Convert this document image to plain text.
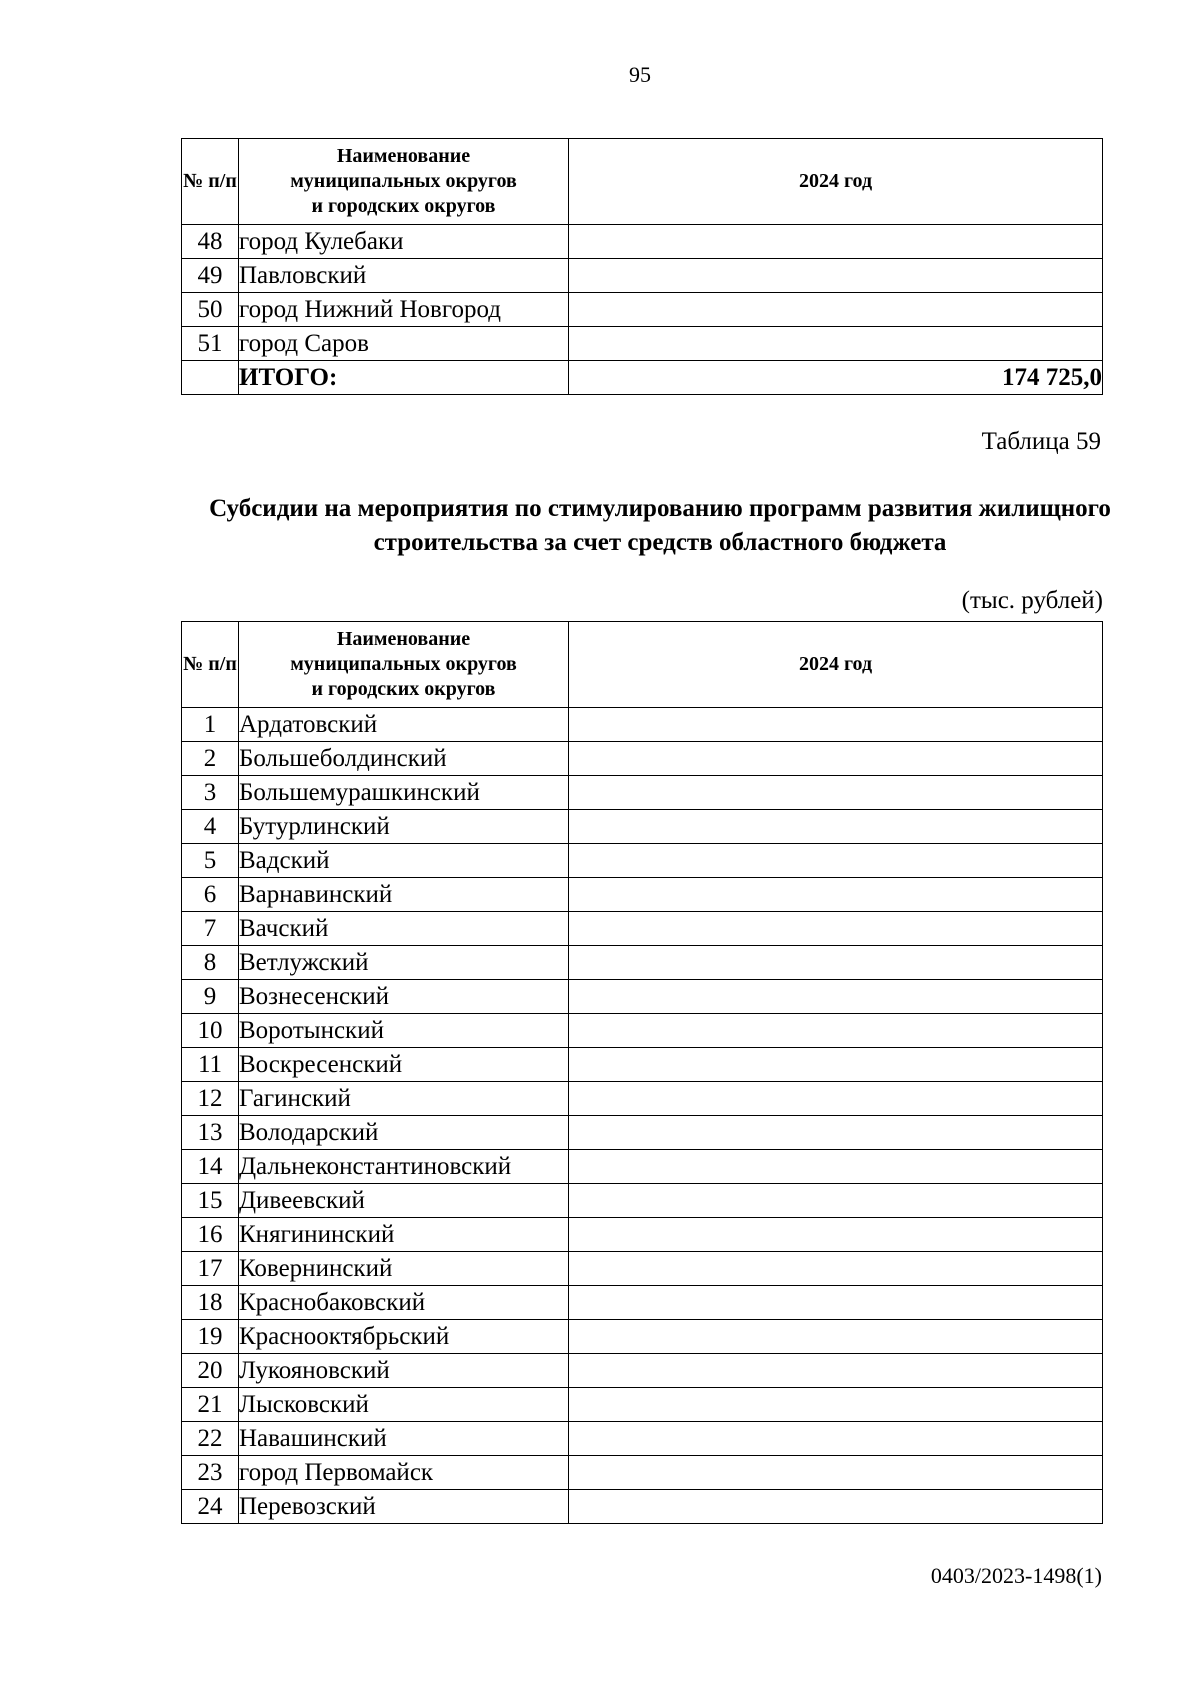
95
№ п/п	Наименование
муниципальных округов
и городских округов	2024 год
48	город Кулебаки	
49	Павловский	
50	город Нижний Новгород	
51	город Саров	
	ИТОГО:	174 725,0
Таблица 59
Субсидии на мероприятия по стимулированию программ развития жилищного строительства за счет средств областного бюджета
(тыс. рублей)
№ п/п	Наименование
муниципальных округов
и городских округов	2024 год
1	Ардатовский	
2	Большеболдинский	
3	Большемурашкинский	
4	Бутурлинский	
5	Вадский	
6	Варнавинский	
7	Вачский	
8	Ветлужский	
9	Вознесенский	
10	Воротынский	
11	Воскресенский	
12	Гагинский	
13	Володарский	
14	Дальнеконстантиновский	
15	Дивеевский	
16	Княгининский	
17	Ковернинский	
18	Краснобаковский	
19	Краснооктябрьский	
20	Лукояновский	
21	Лысковский	
22	Навашинский	
23	город Первомайск	
24	Перевозский	
0403/2023-1498(1)
